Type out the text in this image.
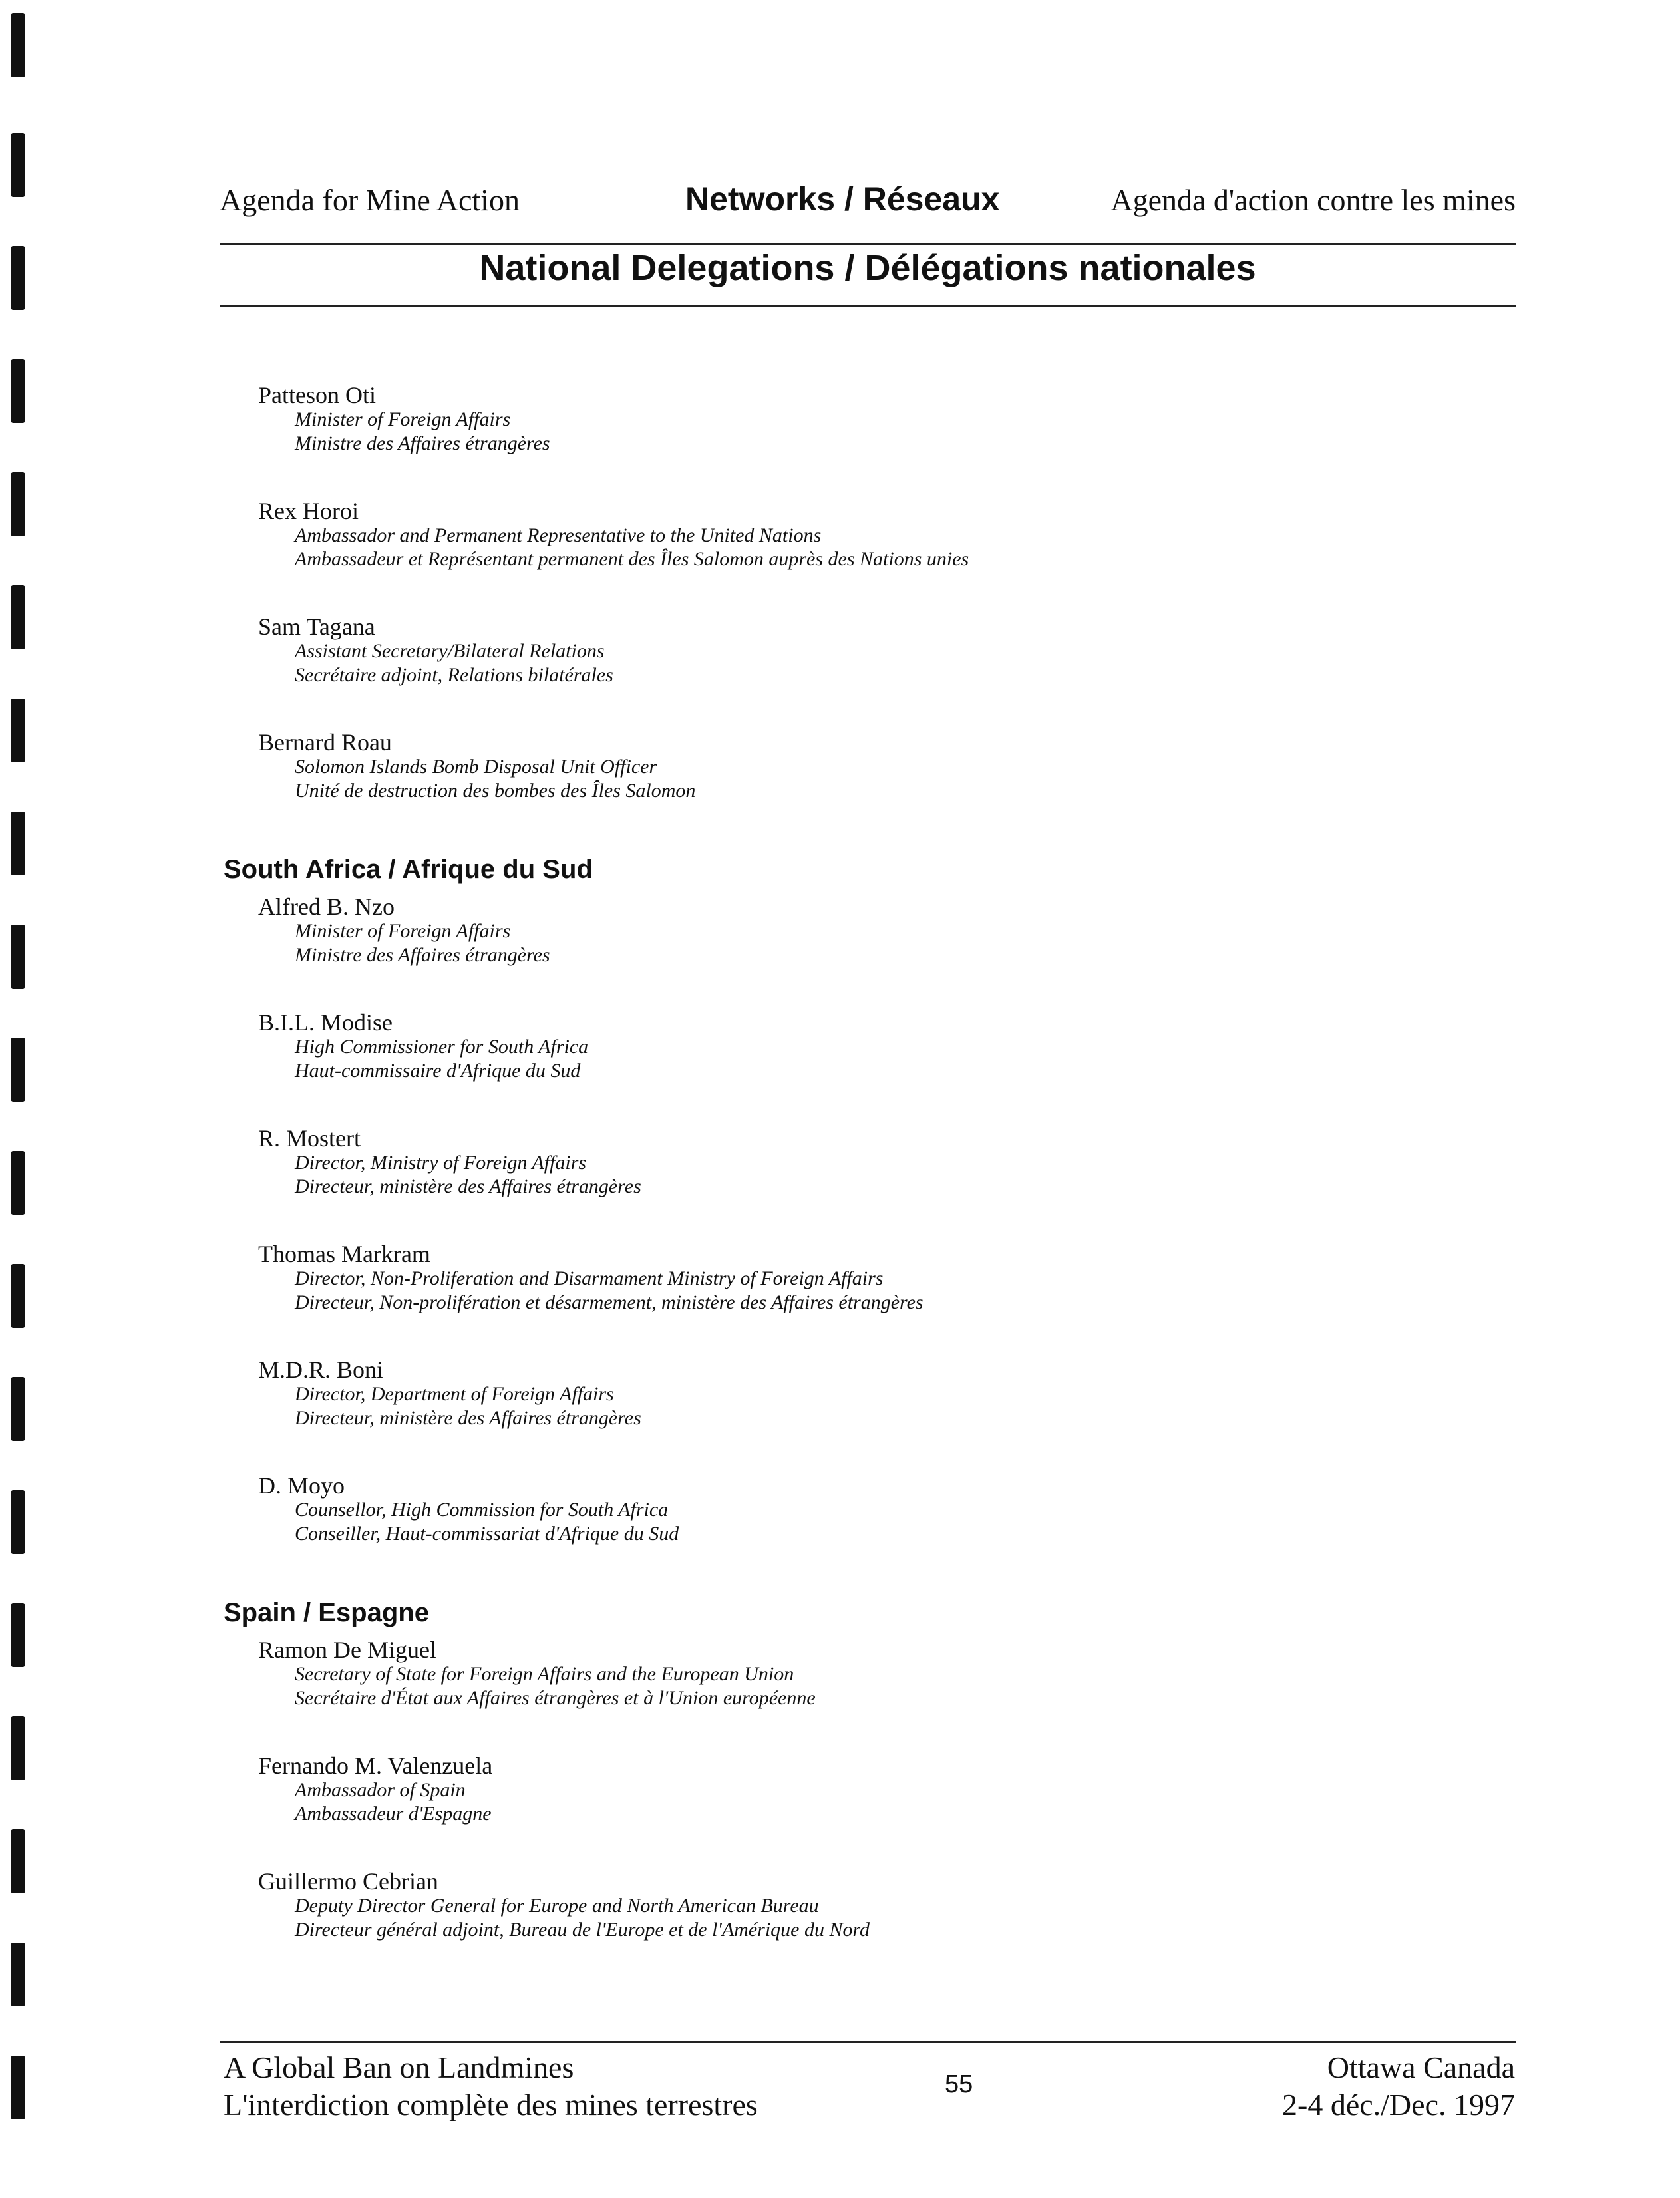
Agenda for Mine Action	Networks / Réseaux	Agenda d'action contre les mines
National Delegations / Délégations nationales
Patteson Oti
Minister of Foreign Affairs
Ministre des Affaires étrangères
Rex Horoi
Ambassador and Permanent Representative to the United Nations
Ambassadeur et Représentant permanent des Îles Salomon auprès des Nations unies
Sam Tagana
Assistant Secretary/Bilateral Relations
Secrétaire adjoint, Relations bilatérales
Bernard Roau
Solomon Islands Bomb Disposal Unit Officer
Unité de destruction des bombes des Îles Salomon
South Africa / Afrique du Sud
Alfred B. Nzo
Minister of Foreign Affairs
Ministre des Affaires étrangères
B.I.L. Modise
High Commissioner for South Africa
Haut-commissaire d'Afrique du Sud
R. Mostert
Director, Ministry of Foreign Affairs
Directeur, ministère des Affaires étrangères
Thomas Markram
Director, Non-Proliferation and Disarmament Ministry of Foreign Affairs
Directeur, Non-prolifération et désarmement, ministère des Affaires étrangères
M.D.R. Boni
Director, Department of Foreign Affairs
Directeur, ministère des Affaires étrangères
D. Moyo
Counsellor, High Commission for South Africa
Conseiller, Haut-commissariat d'Afrique du Sud
Spain / Espagne
Ramon De Miguel
Secretary of State for Foreign Affairs and the European Union
Secrétaire d'État aux Affaires étrangères et à l'Union européenne
Fernando M. Valenzuela
Ambassador of Spain
Ambassadeur d'Espagne
Guillermo Cebrian
Deputy Director General for Europe and North American Bureau
Directeur général adjoint, Bureau de l'Europe et de l'Amérique du Nord
A Global Ban on Landmines
L'interdiction complète des mines terrestres
55	Ottawa Canada
2-4 déc./Dec. 1997
